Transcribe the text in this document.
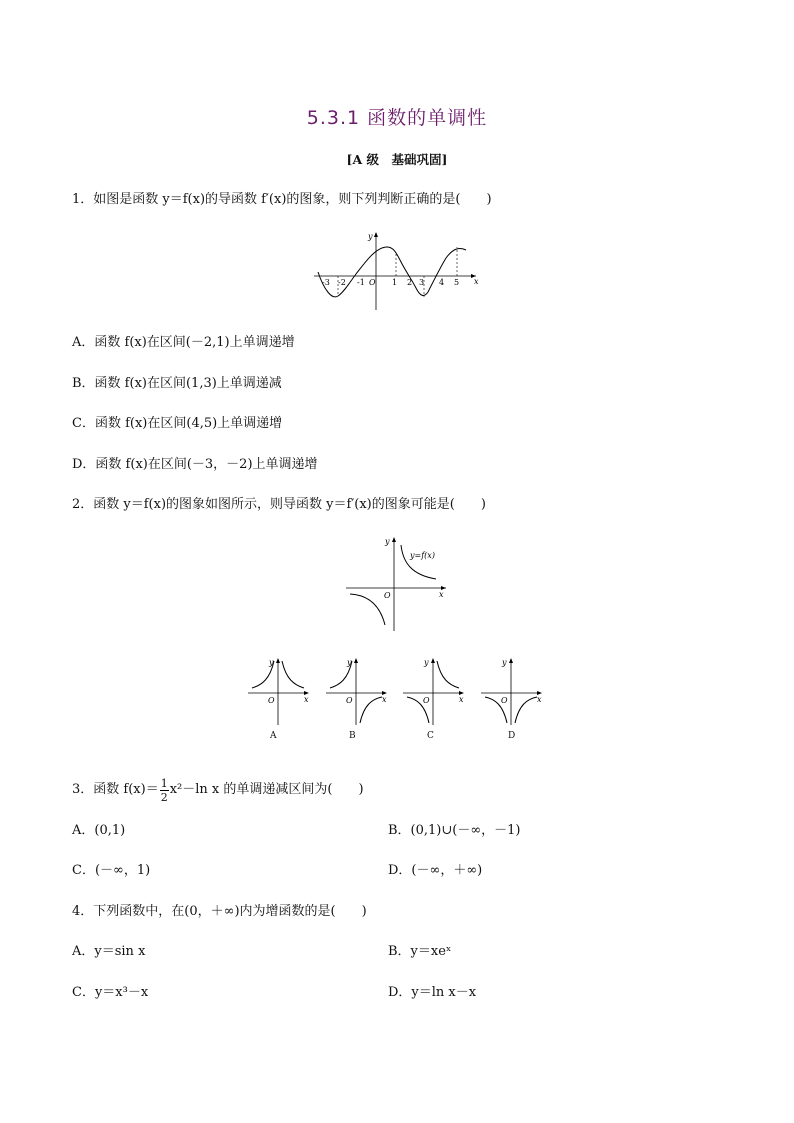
5.3.1 函数的单调性
[A 级　基础巩固]
1．如图是函数 y＝f(x)的导函数 f′(x)的图象，则下列判断正确的是(　　)
x
y
O
-3 -2 -1	1 2 3 4 5
A．函数 f(x)在区间(－2,1)上单调递增
B．函数 f(x)在区间(1,3)上单调递减
C．函数 f(x)在区间(4,5)上单调递增
D．函数 f(x)在区间(－3，－2)上单调递增
2．函数 y＝f(x)的图象如图所示，则导函数 y＝f′(x)的图象可能是(　　)
x
y
O
y=f(x)
x
y
O
A
x
y
O
B
x
y
O
C
x
y
O
D
3．函数 $f(x)= \frac{1}{2} x^2-\ln$ x 的单调递减区间为(　　)
A．(0,1)	B．(0,1)∪(－∞，－1)
C．(－∞，1)	D．(－∞，＋∞)
4．下列函数中，在(0，＋∞)内为增函数的是(　　)
A．y＝sin x	B．y＝xeˣ
C．y＝x³－x	D．y＝ln x－x
